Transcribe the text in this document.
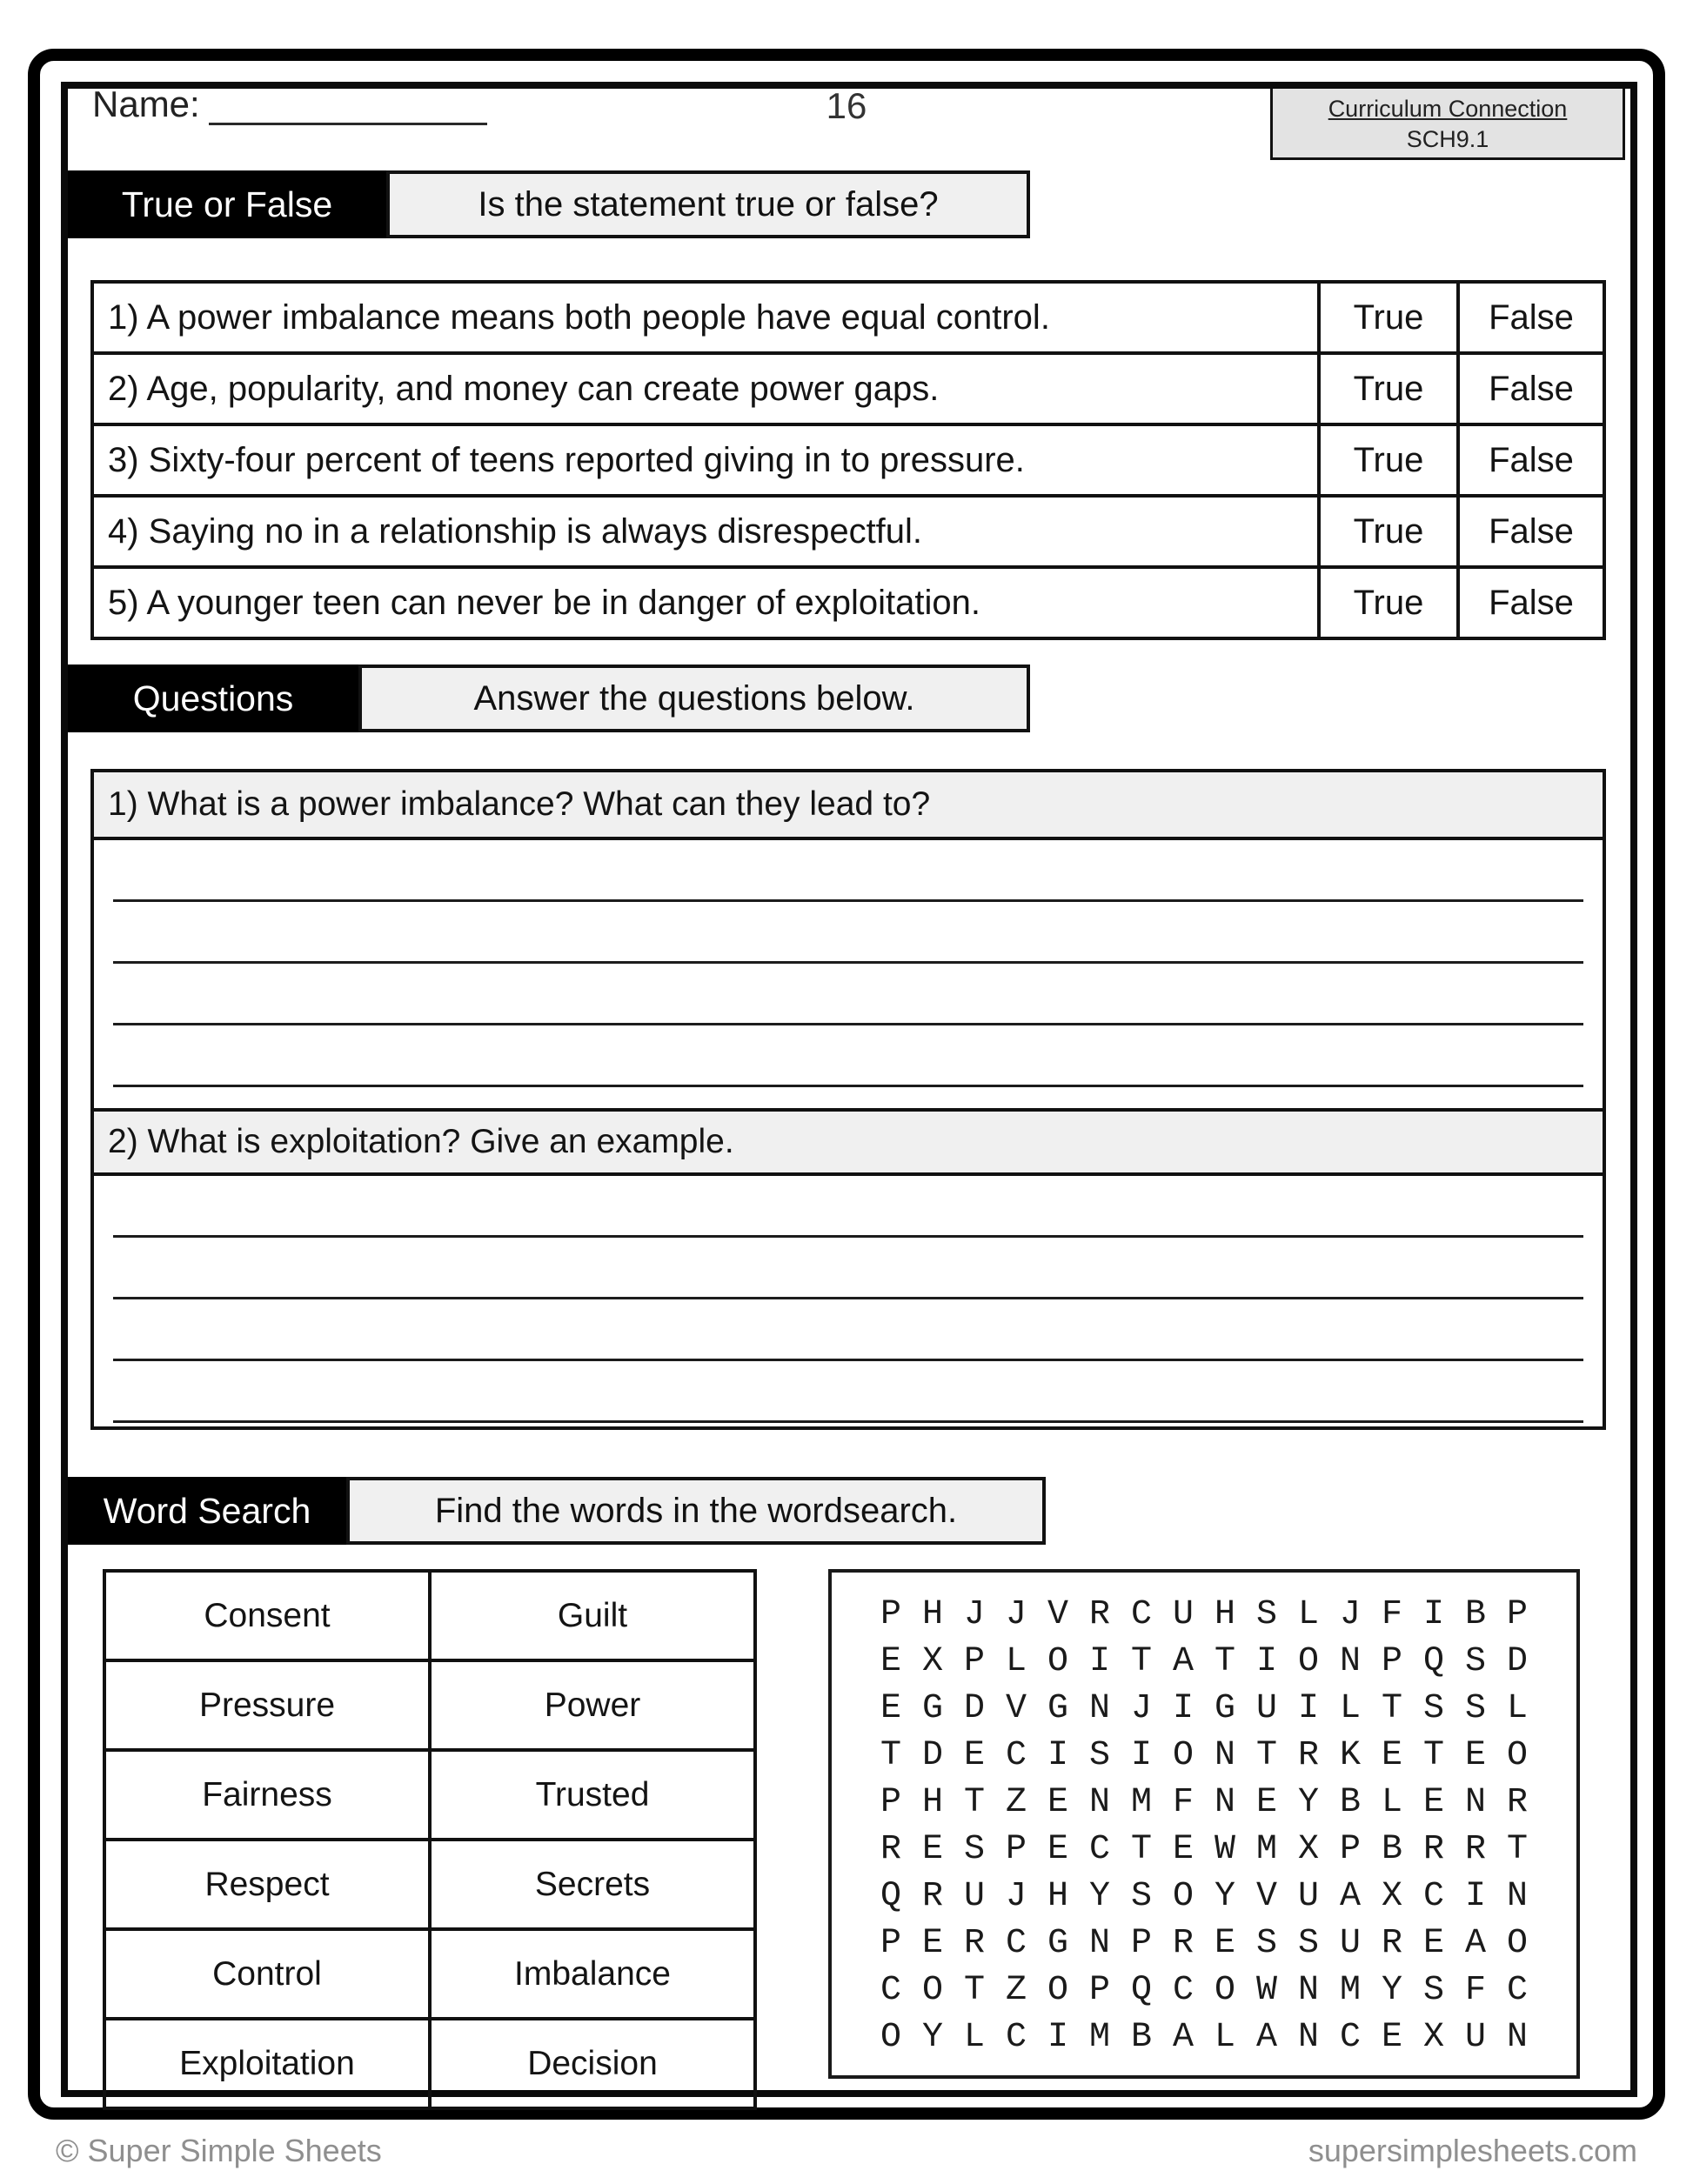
Name:	16	Curriculum Connection
SCH9.1
True or False	Is the statement true or false?
1) A power imbalance means both people have equal control.	True	False
2) Age, popularity, and money can create power gaps.	True	False
3) Sixty-four percent of teens reported giving in to pressure.	True	False
4) Saying no in a relationship is always disrespectful.	True	False
5) A younger teen can never be in danger of exploitation.	True	False
Questions	Answer the questions below.
1) What is a power imbalance? What can they lead to?
2) What is exploitation? Give an example.
Word Search	Find the words in the wordsearch.
Consent	Guilt
Pressure	Power
Fairness	Trusted
Respect	Secrets
Control	Imbalance
Exploitation	Decision
P H J J V R C U H S L J F I B P
E X P L O I T A T I O N P Q S D
E G D V G N J I G U I L T S S L
T D E C I S I O N T R K E T E O
P H T Z E N M F N E Y B L E N R
R E S P E C T E W M X P B R R T
Q R U J H Y S O Y V U A X C I N
P E R C G N P R E S S U R E A O
C O T Z O P Q C O W N M Y S F C
O Y L C I M B A L A N C E X U N
© Super Simple Sheets	supersimplesheets.com
